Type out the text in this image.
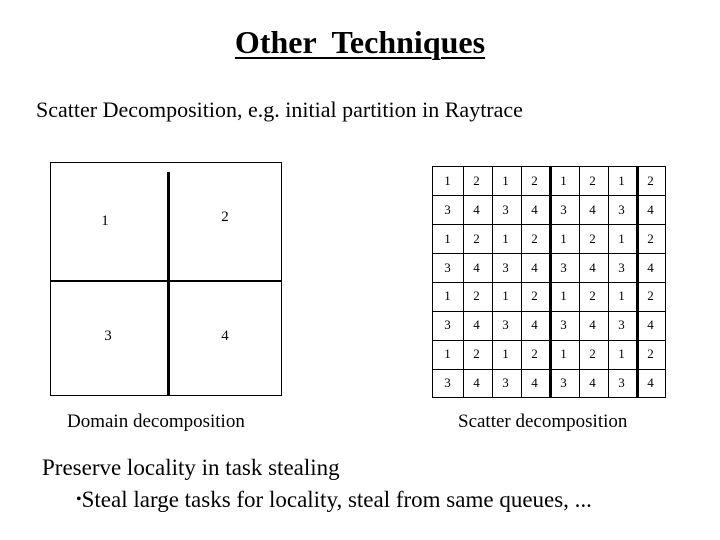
Other  Techniques
Scatter Decomposition, e.g. initial partition in Raytrace
1	2
3	4
Domain decomposition
1	2	1	2	1	2	1	2
3	4	3	4	3	4	3	4
1	2	1	2	1	2	1	2
3	4	3	4	3	4	3	4
1	2	1	2	1	2	1	2
3	4	3	4	3	4	3	4
1	2	1	2	1	2	1	2
3	4	3	4	3	4	3	4
Scatter decomposition
Preserve locality in task stealing
•Steal large tasks for locality, steal from same queues, ...
